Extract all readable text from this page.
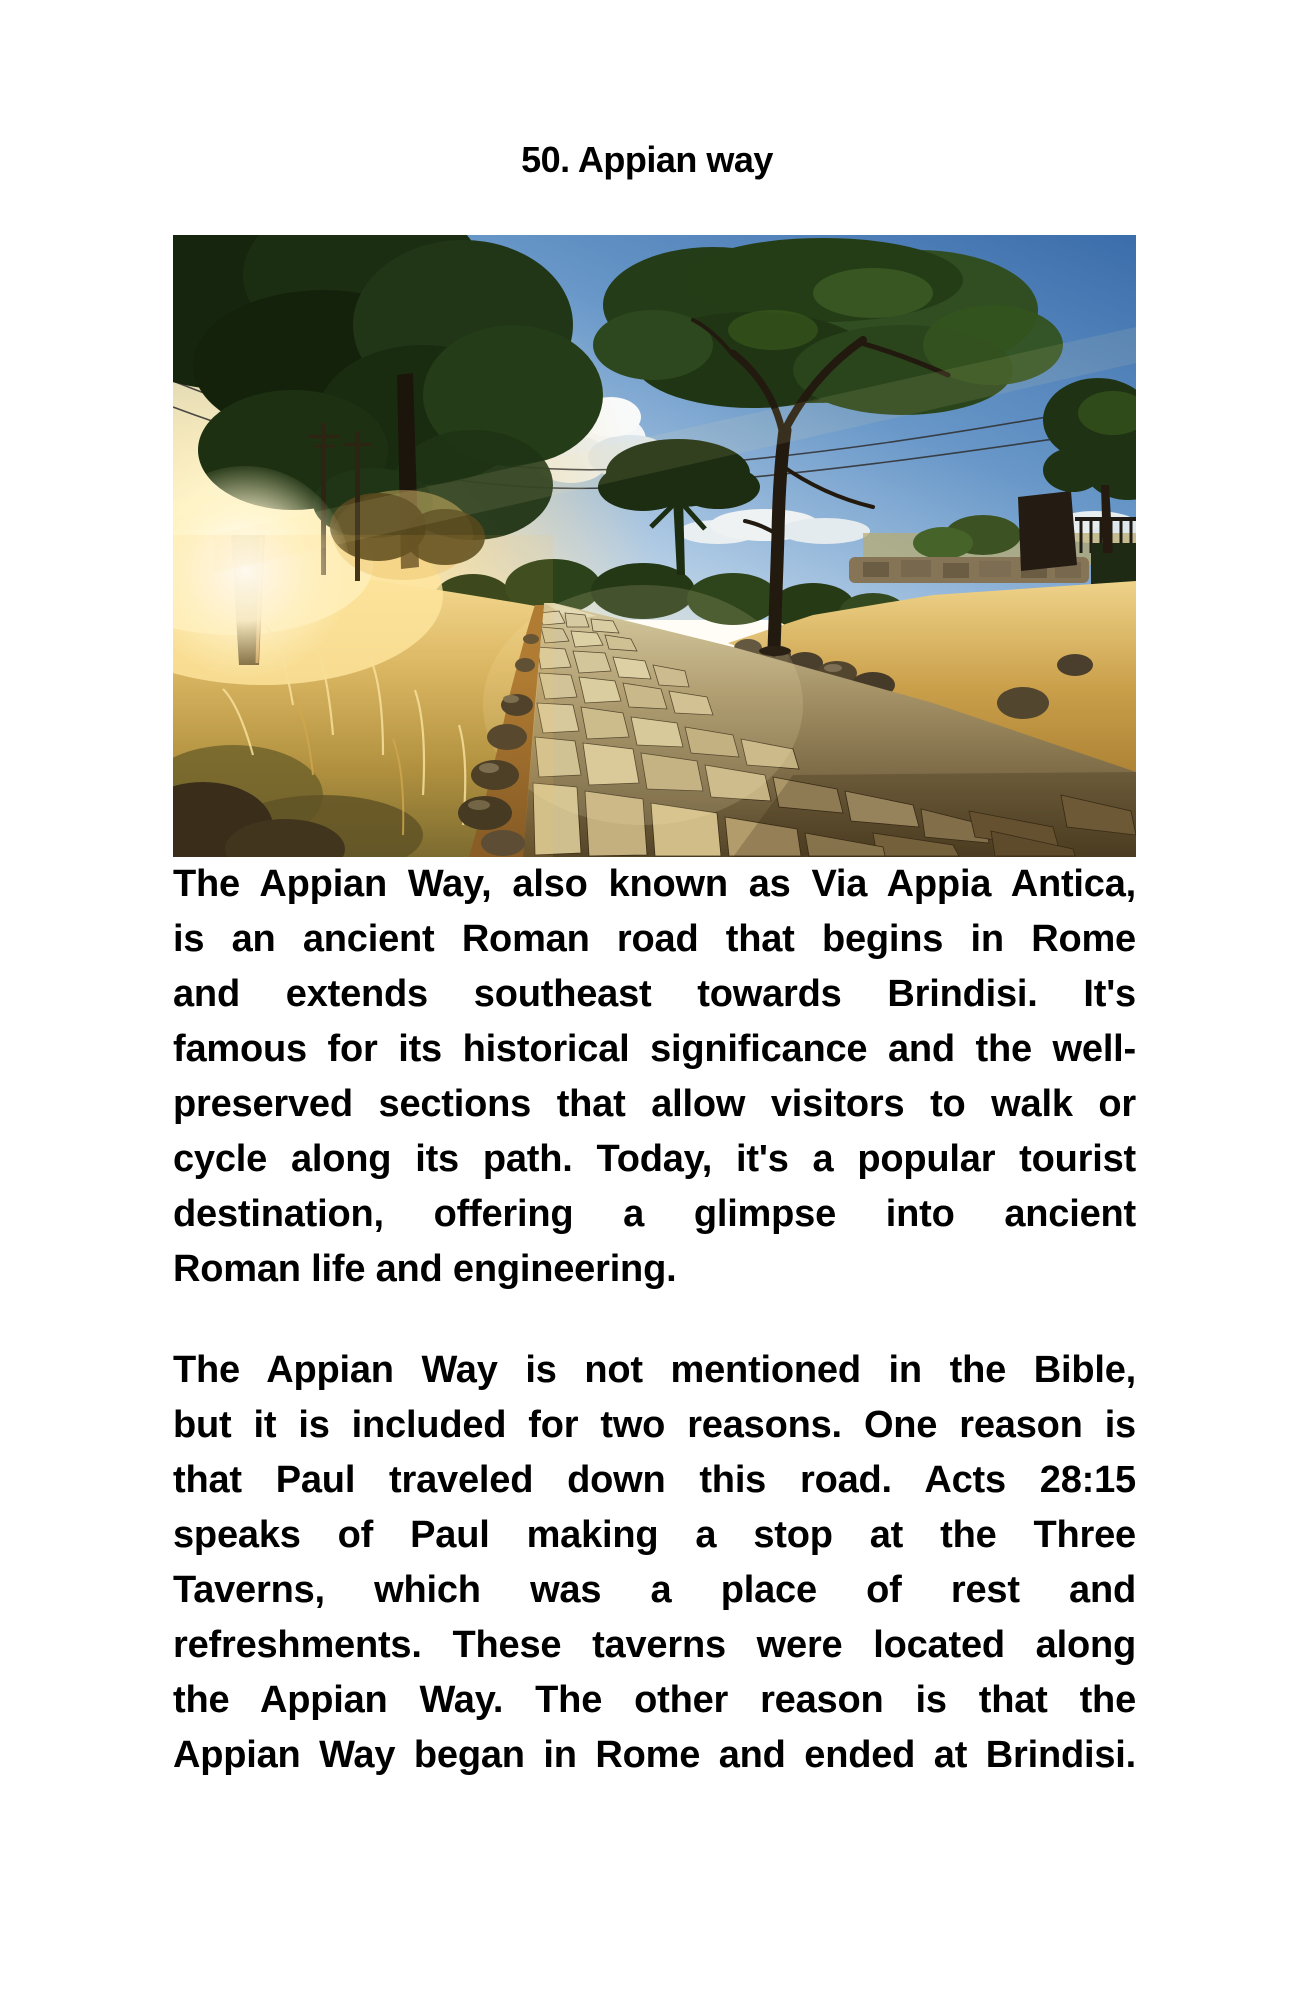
50. Appian way
The Appian Way, also known as Via Appia Antica,
is an ancient Roman road that begins in Rome
and extends southeast towards Brindisi. It's
famous for its historical significance and the well-
preserved sections that allow visitors to walk or
cycle along its path. Today, it's a popular tourist
destination, offering a glimpse into ancient
Roman life and engineering.
The Appian Way is not mentioned in the Bible,
but it is included for two reasons. One reason is
that Paul traveled down this road. Acts 28:15
speaks of Paul making a stop at the Three
Taverns, which was a place of rest and
refreshments. These taverns were located along
the Appian Way. The other reason is that the
Appian Way began in Rome and ended at Brindisi.
